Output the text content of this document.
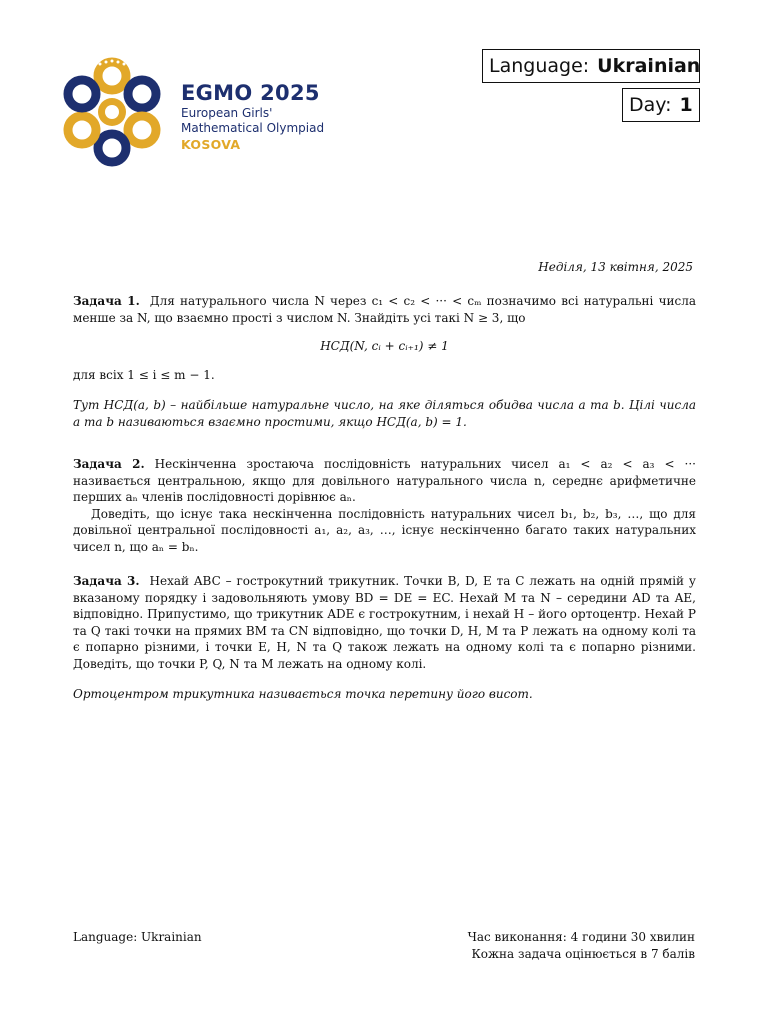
EGMO 2025
European Girls'
Mathematical Olympiad
KOSOVA
Language: Ukrainian
Day: 1
Неділя, 13 квітня, 2025

Задача 1. Для натурального числа N через c₁ < c₂ < ··· < cₘ позначимо всі натуральні числа менше за N, що взаємно прості з числом N. Знайдіть усі такі N ≥ 3, що

НСД(N, cᵢ + cᵢ₊₁) ≠ 1

для всіх 1 ≤ i ≤ m − 1.

Тут НСД(a, b) – найбільше натуральне число, на яке діляться обидва числа a та b. Цілі числа a та b називаються взаємно простими, якщо НСД(a, b) = 1.

Задача 2. Нескінченна зростаюча послідовність натуральних чисел a₁ < a₂ < a₃ < ··· називається центральною, якщо для довільного натурального числа n, середнє арифметичне перших aₙ членів послідовності дорівнює aₙ.

Доведіть, що існує така нескінченна послідовність натуральних чисел b₁, b₂, b₃, …, що для довільної центральної послідовності a₁, a₂, a₃, …, існує нескінченно багато таких натуральних чисел n, що aₙ = bₙ.

Задача 3. Нехай ABC – гострокутний трикутник. Точки B, D, E та C лежать на одній прямій у вказаному порядку і задовольняють умову BD = DE = EC. Нехай M та N – середини AD та AE, відповідно. Припустимо, що трикутник ADE є гострокутним, і нехай H – його ортоцентр. Нехай P та Q такі точки на прямих BM та CN відповідно, що точки D, H, M та P лежать на одному колі та є попарно різними, і точки E, H, N та Q також лежать на одному колі та є попарно різними. Доведіть, що точки P, Q, N та M лежать на одному колі.

Ортоцентром трикутника називається точка перетину його висот.

Language: Ukrainian	Час виконання: 4 години 30 хвилин
Кожна задача оцінюється в 7 балів
